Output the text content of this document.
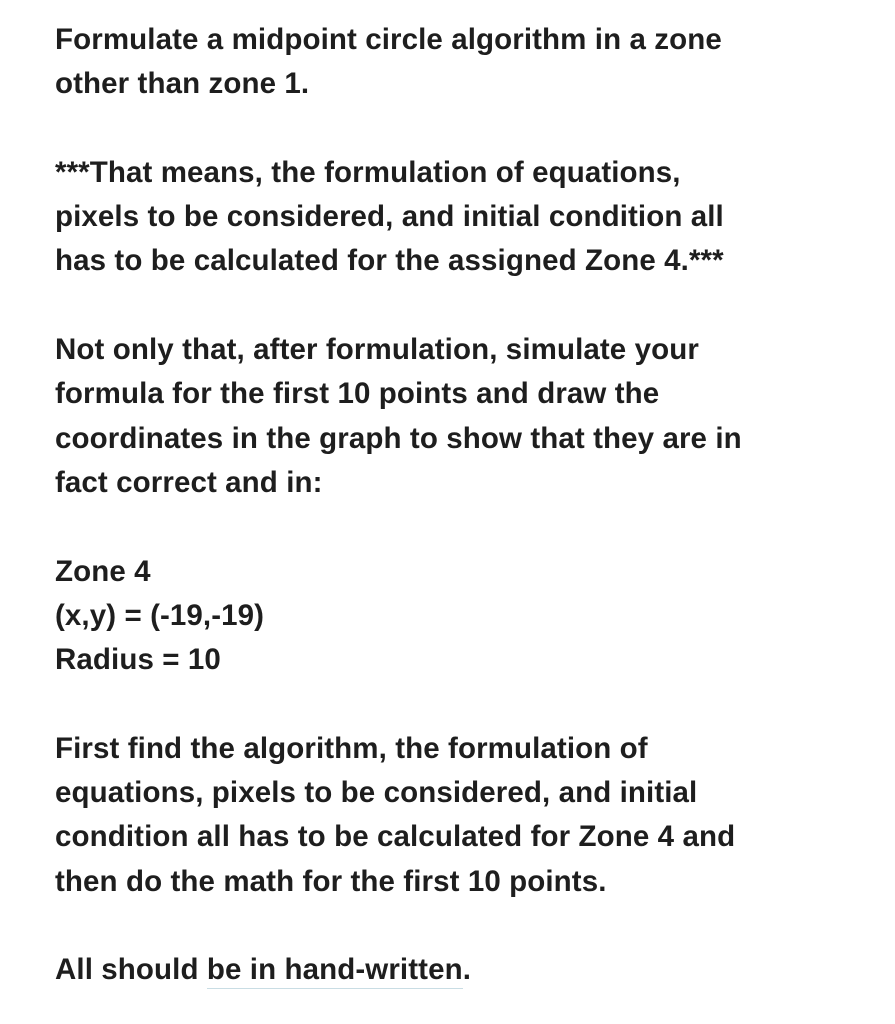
Formulate a midpoint circle algorithm in a zone
other than zone 1.
***That means, the formulation of equations,
pixels to be considered, and initial condition all
has to be calculated for the assigned Zone 4.***
Not only that, after formulation, simulate your
formula for the first 10 points and draw the
coordinates in the graph to show that they are in
fact correct and in:
Zone 4
(x,y) = (-19,-19)
Radius = 10
First find the algorithm, the formulation of
equations, pixels to be considered, and initial
condition all has to be calculated for Zone 4 and
then do the math for the first 10 points.
All should be in hand-written.
